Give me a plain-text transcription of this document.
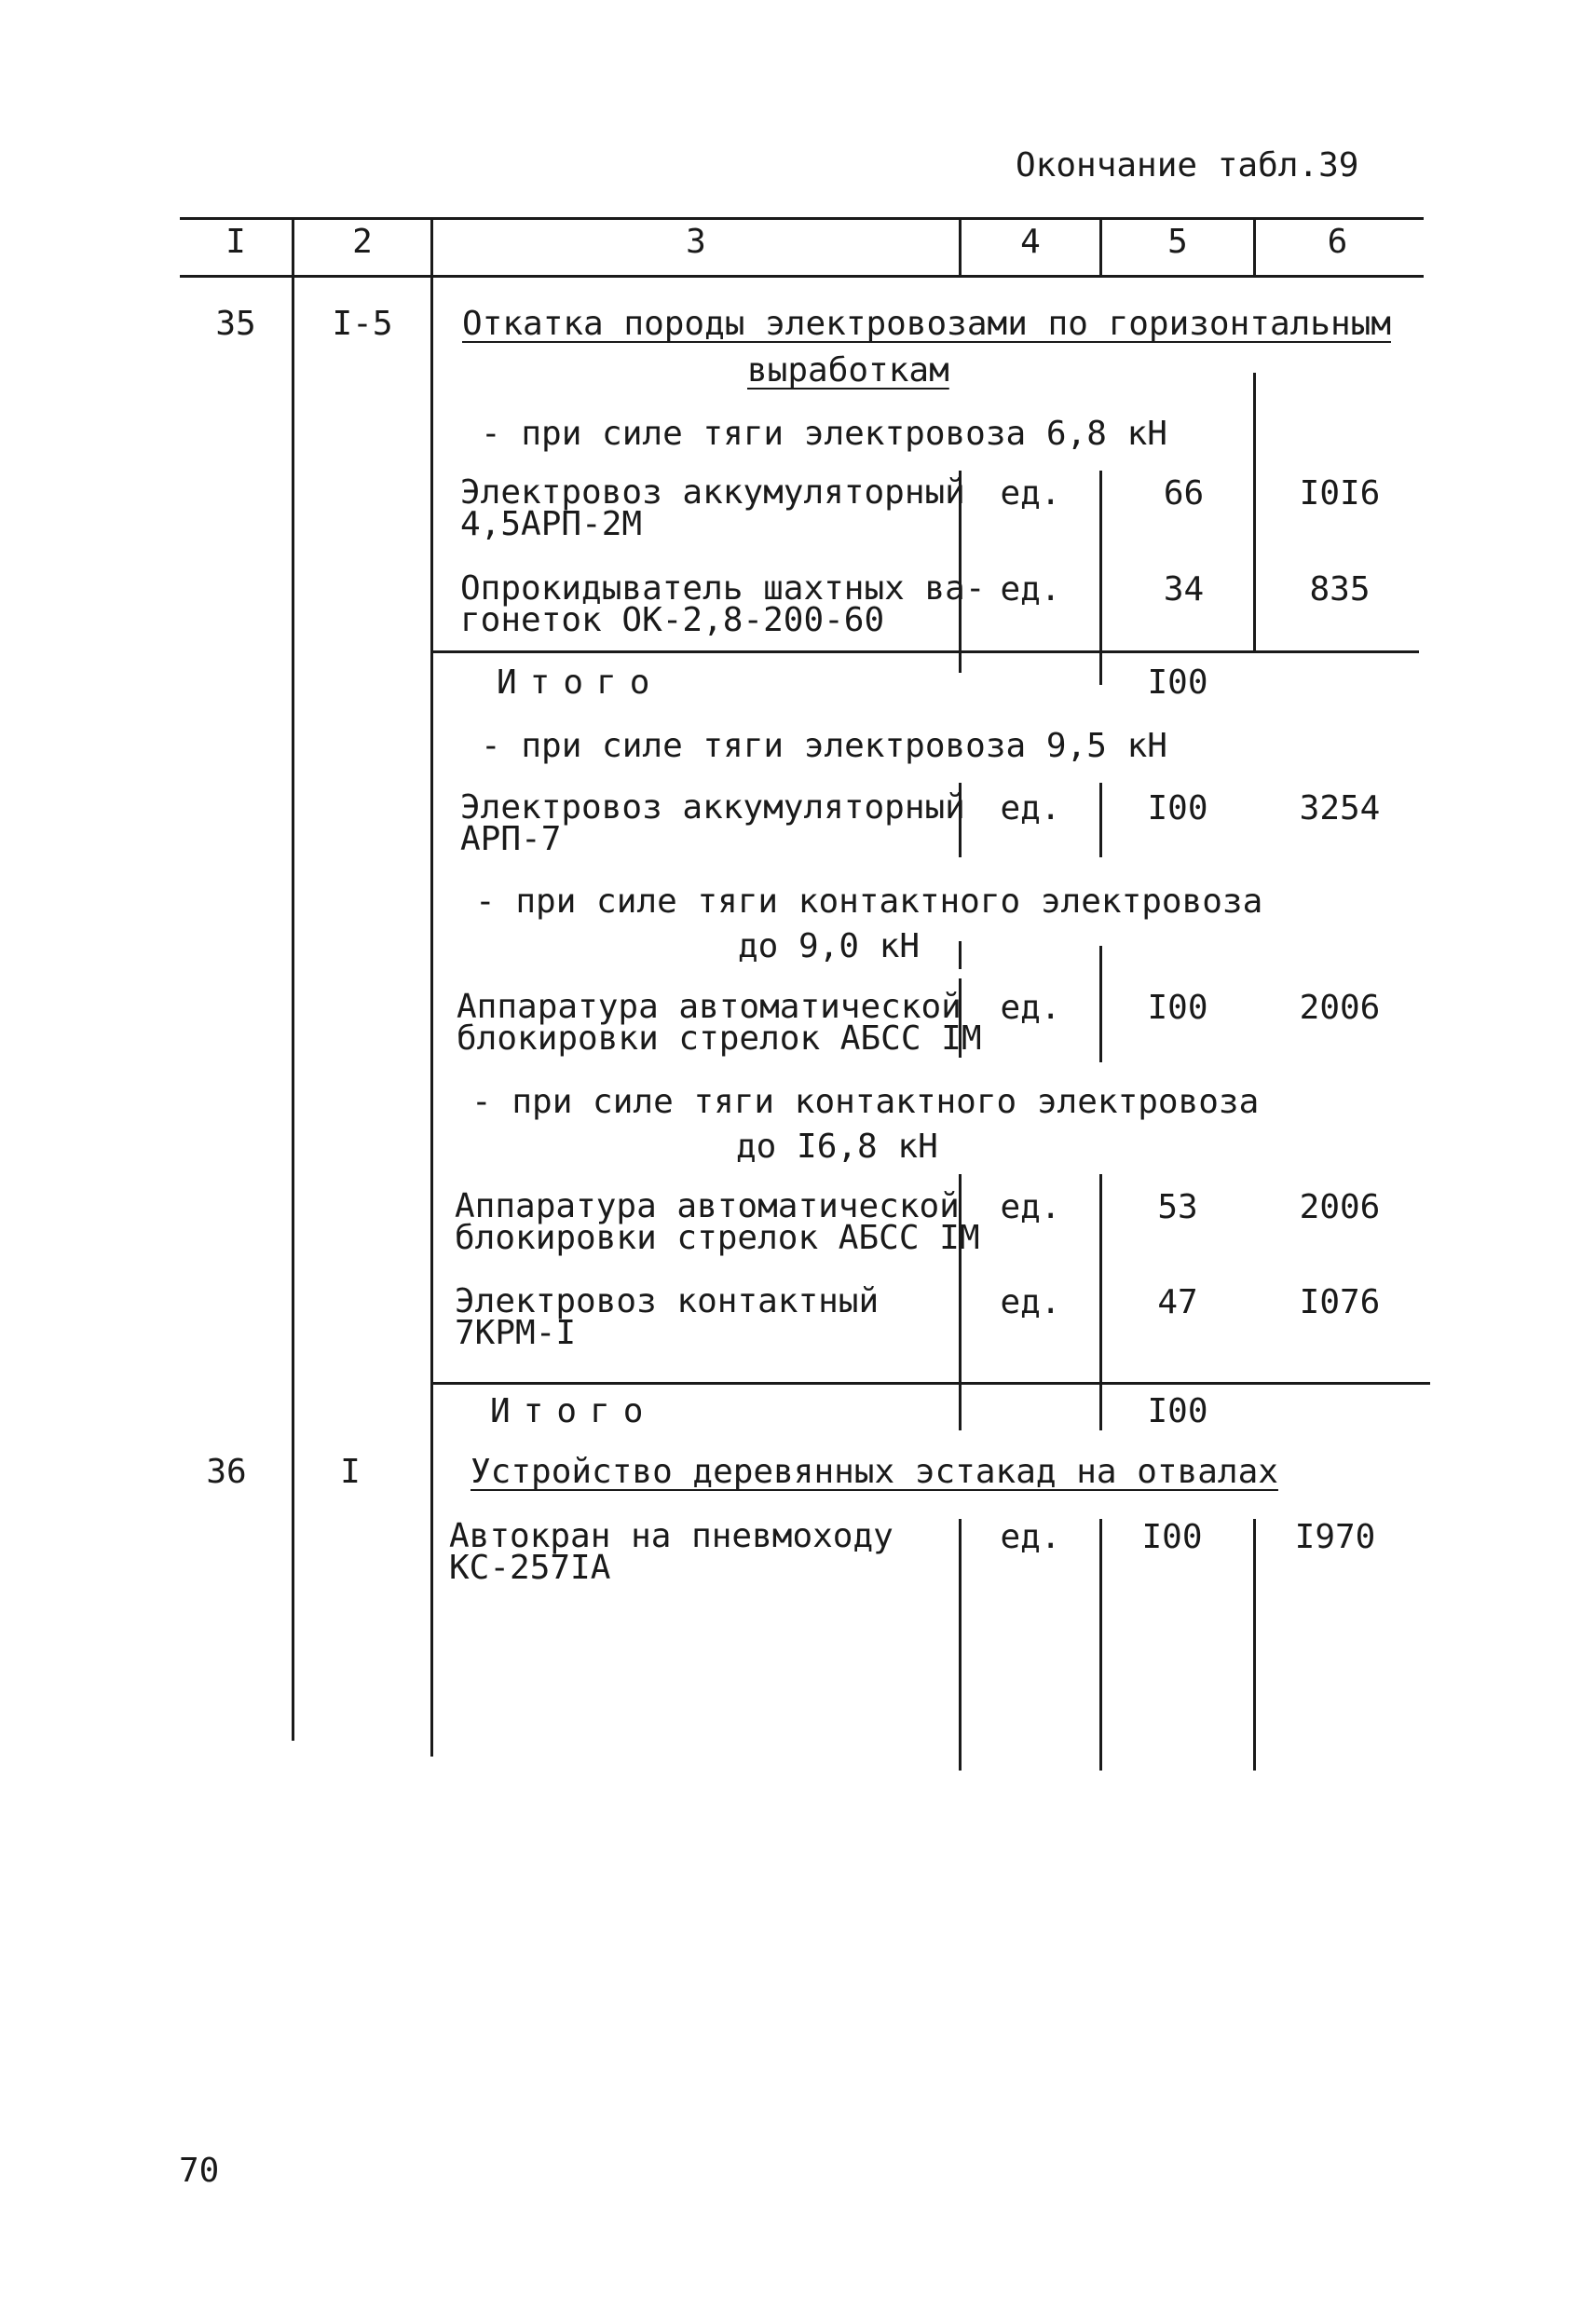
Окончание табл.39
I	2	3	4	5	6
35	I-5	Откатка породы электровозами по горизонтальным
выработкам
- при силе тяги электровоза 6,8 кН
Электровоз аккумуляторный
4,5АРП-2М
ед.	66	I0I6
Опрокидыватель шахтных ва-
гонеток ОК-2,8-200-60
ед.	34	835
Итого	I00
- при силе тяги электровоза 9,5 кН
Электровоз аккумуляторный
АРП-7
ед.	I00	3254
- при силе тяги контактного электровоза
до 9,0 кН
Аппаратура автоматической
блокировки стрелок АБСС IМ
ед.	I00	2006
- при силе тяги контактного электровоза
до I6,8 кН
Аппаратура автоматической
блокировки стрелок АБСС IМ
ед.	53	2006
Электровоз контактный
7КРМ-I
ед.	47	I076
Итого	I00
36	I	Устройство деревянных эстакад на отвалах
Автокран на пневмоходу
КС-257IА
ед.	I00	I970
70
